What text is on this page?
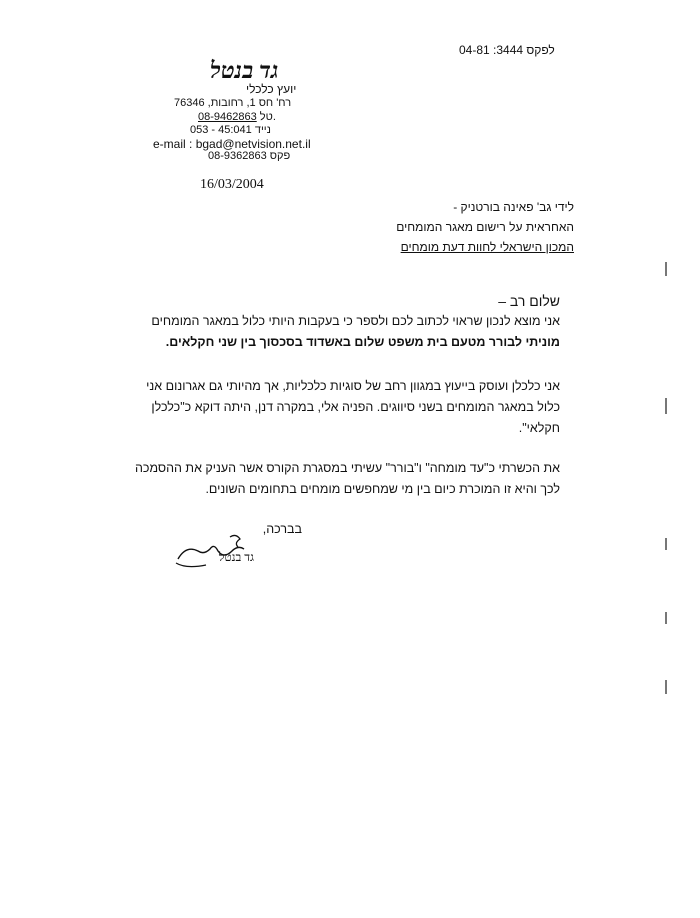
04-81 :3444 לפקס
גד בנטל
יועץ כלכלי
רח' חס 1, רחובות, 76346
08-9462863 טל.
053 - 45:041 נייד
e-mail : bgad@netvision.net.il
08-9362863 פקס
16/03/2004
לידי גב' פאינה בורטניק -
האחראית על רישום מאגר המומחים
המכון הישראלי לחוות דעת מומחים
שלום רב –
אני מוצא לנכון שראוי לכתוב לכם ולספר כי בעקבות היותי כלול במאגר המומחים
מוניתי לבורר מטעם בית משפט שלום באשדוד בסכסוך בין שני חקלאים.
אני כלכלן ועוסק בייעוץ במגוון רחב של סוגיות כלכליות, אך מהיותי גם אגרונום אני
כלול במאגר המומחים בשני סיווגים. הפניה אלי, במקרה דנן, היתה דוקא כ"כלכלן
חקלאי".
את הכשרתי כ"עד מומחה" ו"בורר" עשיתי במסגרת הקורס אשר העניק את ההסמכה
לכך והיא זו המוכרת כיום בין מי שמחפשים מומחים בתחומים השונים.
בברכה,
גד בנטל
